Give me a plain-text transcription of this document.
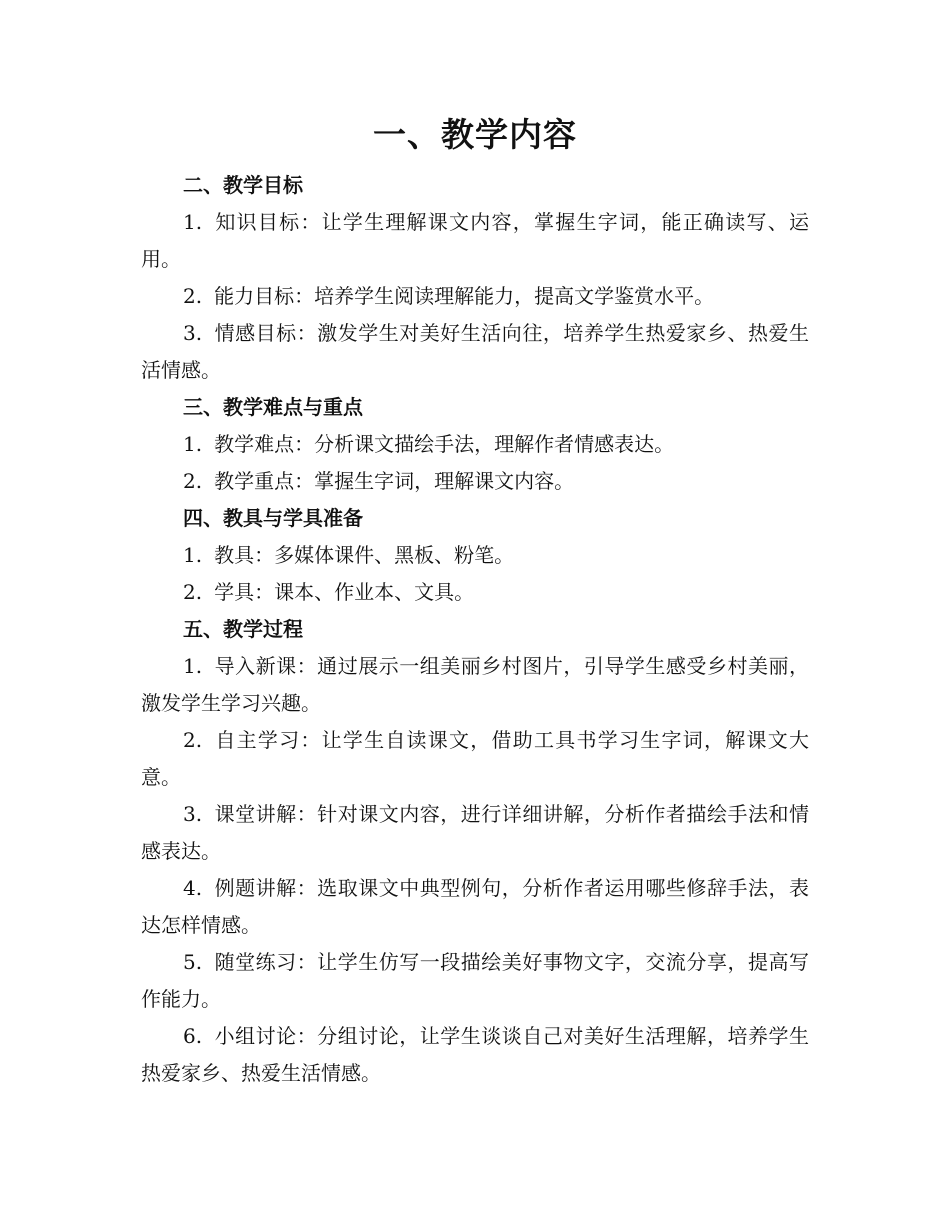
一、教学内容

二、教学目标

1. 知识目标：让学生理解课文内容，掌握生字词，能正确读写、运用。

2. 能力目标：培养学生阅读理解能力，提高文学鉴赏水平。

3. 情感目标：激发学生对美好生活向往，培养学生热爱家乡、热爱生活情感。

三、教学难点与重点

1. 教学难点：分析课文描绘手法，理解作者情感表达。

2. 教学重点：掌握生字词，理解课文内容。

四、教具与学具准备

1. 教具：多媒体课件、黑板、粉笔。

2. 学具：课本、作业本、文具。

五、教学过程

1. 导入新课：通过展示一组美丽乡村图片，引导学生感受乡村美丽，激发学生学习兴趣。

2. 自主学习：让学生自读课文，借助工具书学习生字词，解课文大意。

3. 课堂讲解：针对课文内容，进行详细讲解，分析作者描绘手法和情感表达。

4. 例题讲解：选取课文中典型例句，分析作者运用哪些修辞手法，表达怎样情感。

5. 随堂练习：让学生仿写一段描绘美好事物文字，交流分享，提高写作能力。

6. 小组讨论：分组讨论，让学生谈谈自己对美好生活理解，培养学生热爱家乡、热爱生活情感。
